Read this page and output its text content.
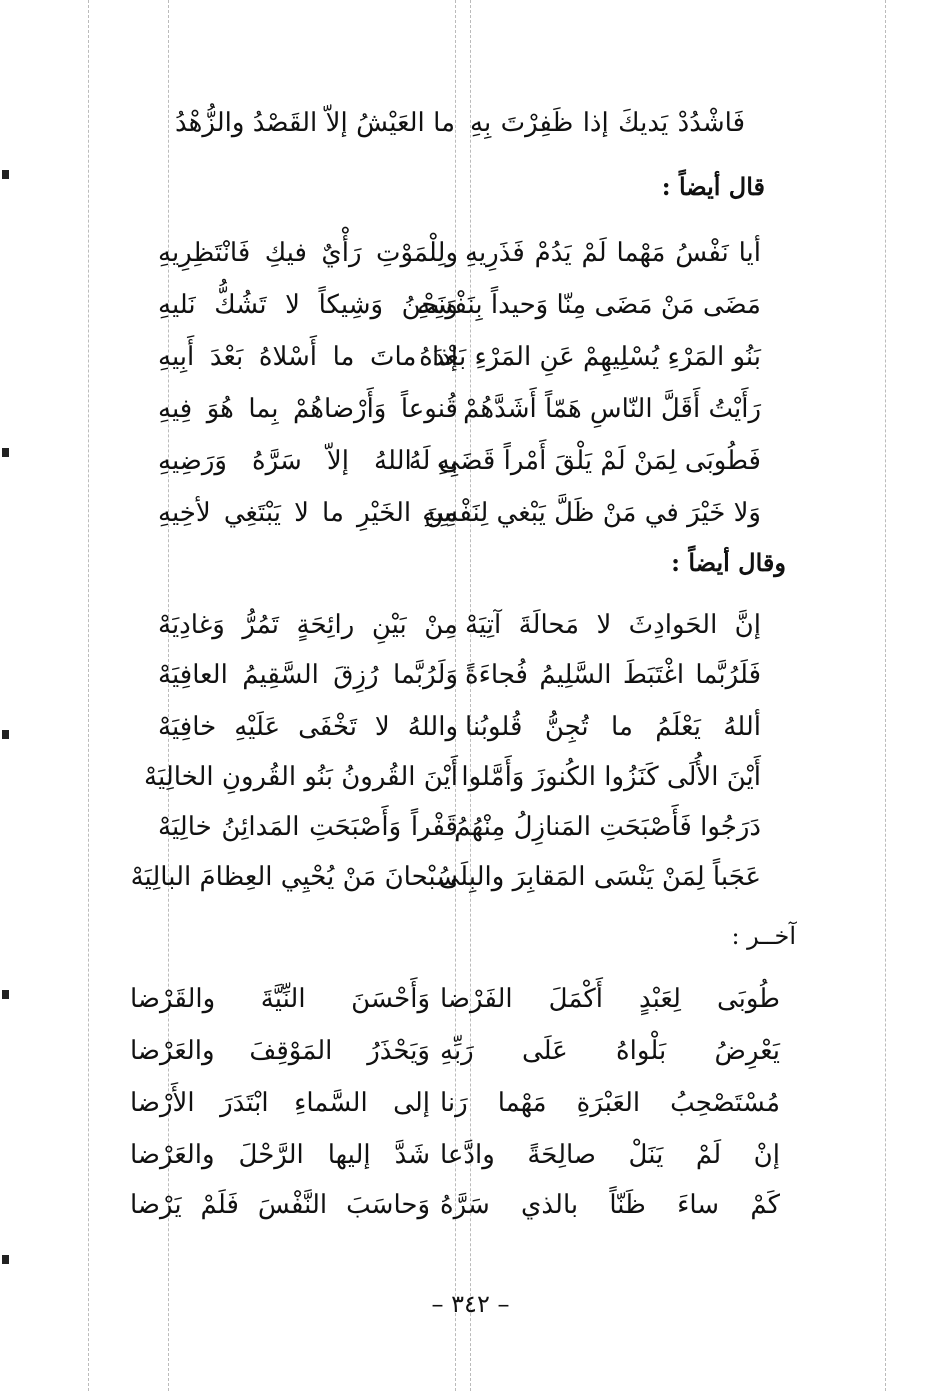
فَاشْدُدْ يَديكَ إذا ظَفِرْتَ بِهِ
ما العَيْشُ إلاّ القَصْدُ والزُّهْدُ
قال أيضاً :
أيا نَفْسُ مَهْما لَمْ يَدُمْ فَذَرِيهِ
ولِلْمَوْتِ رَأْيٌ فيكِ فَانْتَظِرِيهِ
مَضَى مَنْ مَضَى مِنّا وَحيداً بِنَفْسِهِ
وَنَحْنُ وَشِيكاً لا تَشُكُّ نَليهِ
بَنُو المَرْءِ يُسْلِيهِمْ عَنِ المَرْءِ بَعْدَهُ
إذا ماتَ ما أَسْلاهُ بَعْدَ أَبِيهِ
رَأَيْتُ أَقَلَّ النّاسِ هَمّاً أَشَدَّهُمْ
قُنوعاً وَأَرْضاهُمْ بِما هُوَ فِيهِ
فَطُوبَى لِمَنْ لَمْ يَلْقَ أَمْراً قَضَى لَهُ
بِهِ اللهُ إلاّ سَرَّهُ وَرَضِيهِ
وَلا خَيْرَ في مَنْ ظَلَّ يَبْغي لِنَفْسِهِ
مِنَ الخَيْرِ ما لا يَبْتَغِي لأخِيهِ
وقال أيضاً :
إنَّ الحَوادِثَ لا مَحالَةَ آتِيَهْ
مِنْ بَيْنِ رائِحَةٍ تَمُرُّ وَغادِيَهْ
فَلَرُبَّما اغْتَبَطَ السَّلِيمُ فُجاءَةً
وَلَرُبَّما رُزِقَ السَّقِيمُ العافِيَهْ
أللهُ يَعْلَمُ ما تُجِنُّ قُلوبُنا
واللهُ لا تَخْفَى عَلَيْهِ خافِيَهْ
أَيْنَ الأُلَى كَنَزُوا الكُنوزَ وَأَمَّلوا
أَيْنَ القُرونُ بَنُو القُرونِ الخالِيَهْ
دَرَجُوا فَأَصْبَحَتِ المَنازِلُ مِنْهُمُ
قَفْراً وَأَصْبَحَتِ المَدائِنُ خالِيَهْ
عَجَباً لِمَنْ يَنْسَى المَقابِرَ والبِلَى
سُبْحانَ مَنْ يُحْيِي العِظامَ البالِيَهْ
آخــر :
طُوبَى لِعَبْدٍ أَكْمَلَ الفَرْضا
وَأَحْسَنَ النِّيَّةَ والقَرْضا
يَعْرِضُ بَلْواهُ عَلَى رَبِّهِ
وَيَحْذَرُ المَوْقِفَ والعَرْضا
مُسْتَصْحِبُ العَبْرَةِ مَهْما رَنا
إلى السَّماءِ ابْتَدَرَ الأَرْضا
إنْ لَمْ يَنَلْ صالِحَةً وادَّعا
شَدَّ إليها الرَّحْلَ والعَرْضا
كَمْ ساءَ ظَنّاً بالذي سَرَّهُ
وَحاسَبَ النَّفْسَ فَلَمْ يَرْضا
– ٣٤٢ –
